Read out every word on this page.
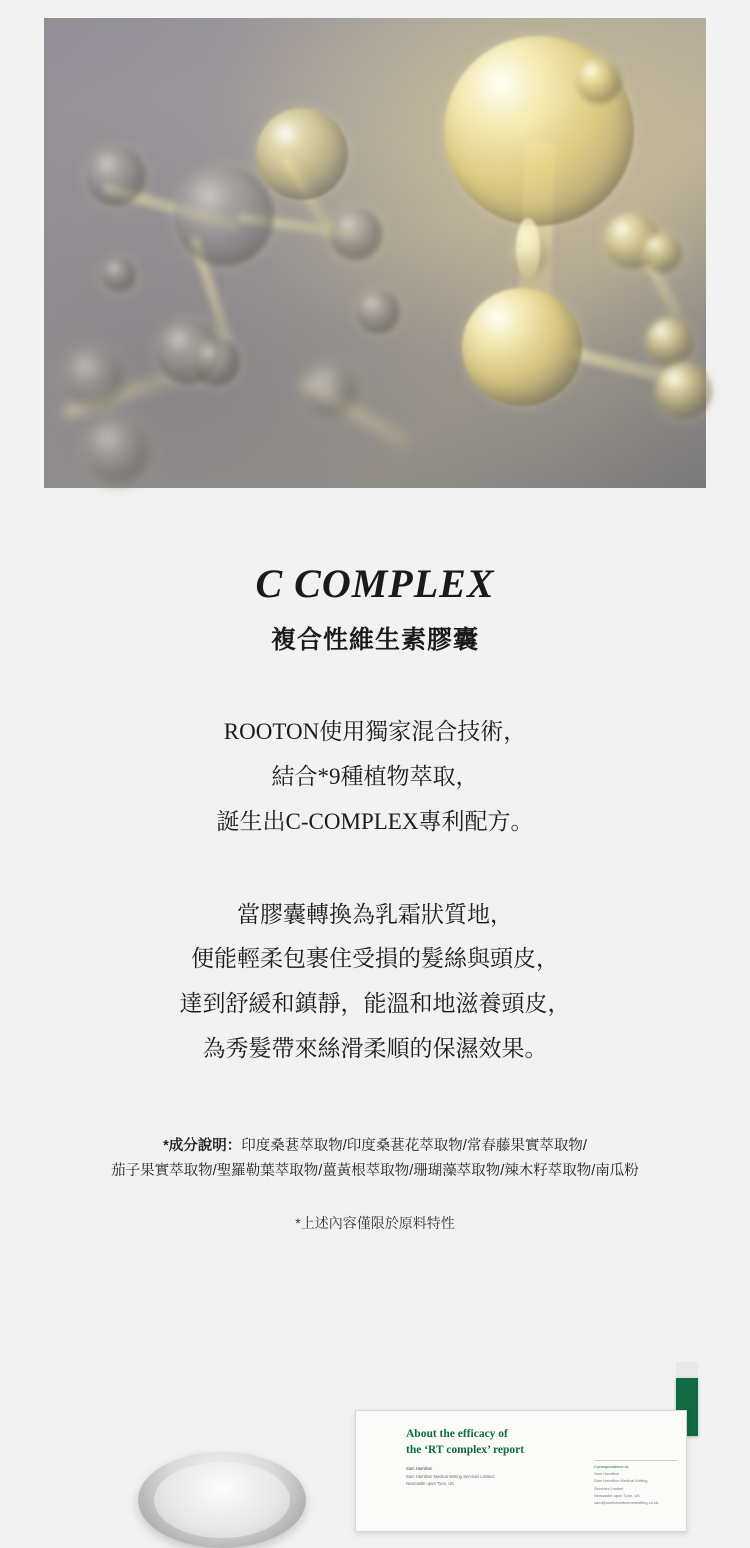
C COMPLEX
複合性維生素膠囊
ROOTON使用獨家混合技術，
結合*9種植物萃取，
誕生出C-COMPLEX專利配方。
當膠囊轉換為乳霜狀質地，
便能輕柔包裹住受損的髮絲與頭皮，
達到舒緩和鎮靜，能溫和地滋養頭皮，
為秀髮帶來絲滑柔順的保濕效果。
*成分說明：印度桑葚萃取物/印度桑葚花萃取物/常春藤果實萃取物/
茄子果實萃取物/聖羅勒葉萃取物/薑黃根萃取物/珊瑚藻萃取物/辣木籽萃取物/南瓜粉
*上述內容僅限於原料特性
About the efficacy of
the ‘RT complex’ report
Sam Hamilton
Sam Hamilton Medical Writing Services Limited,
Newcastle upon Tyne, UK
Correspondence to:
Sam Hamilton
Sam Hamilton Medical Writing
Services Limited
Newcastle upon Tyne, UK
sam@samhamiltonmedwriting.co.uk
